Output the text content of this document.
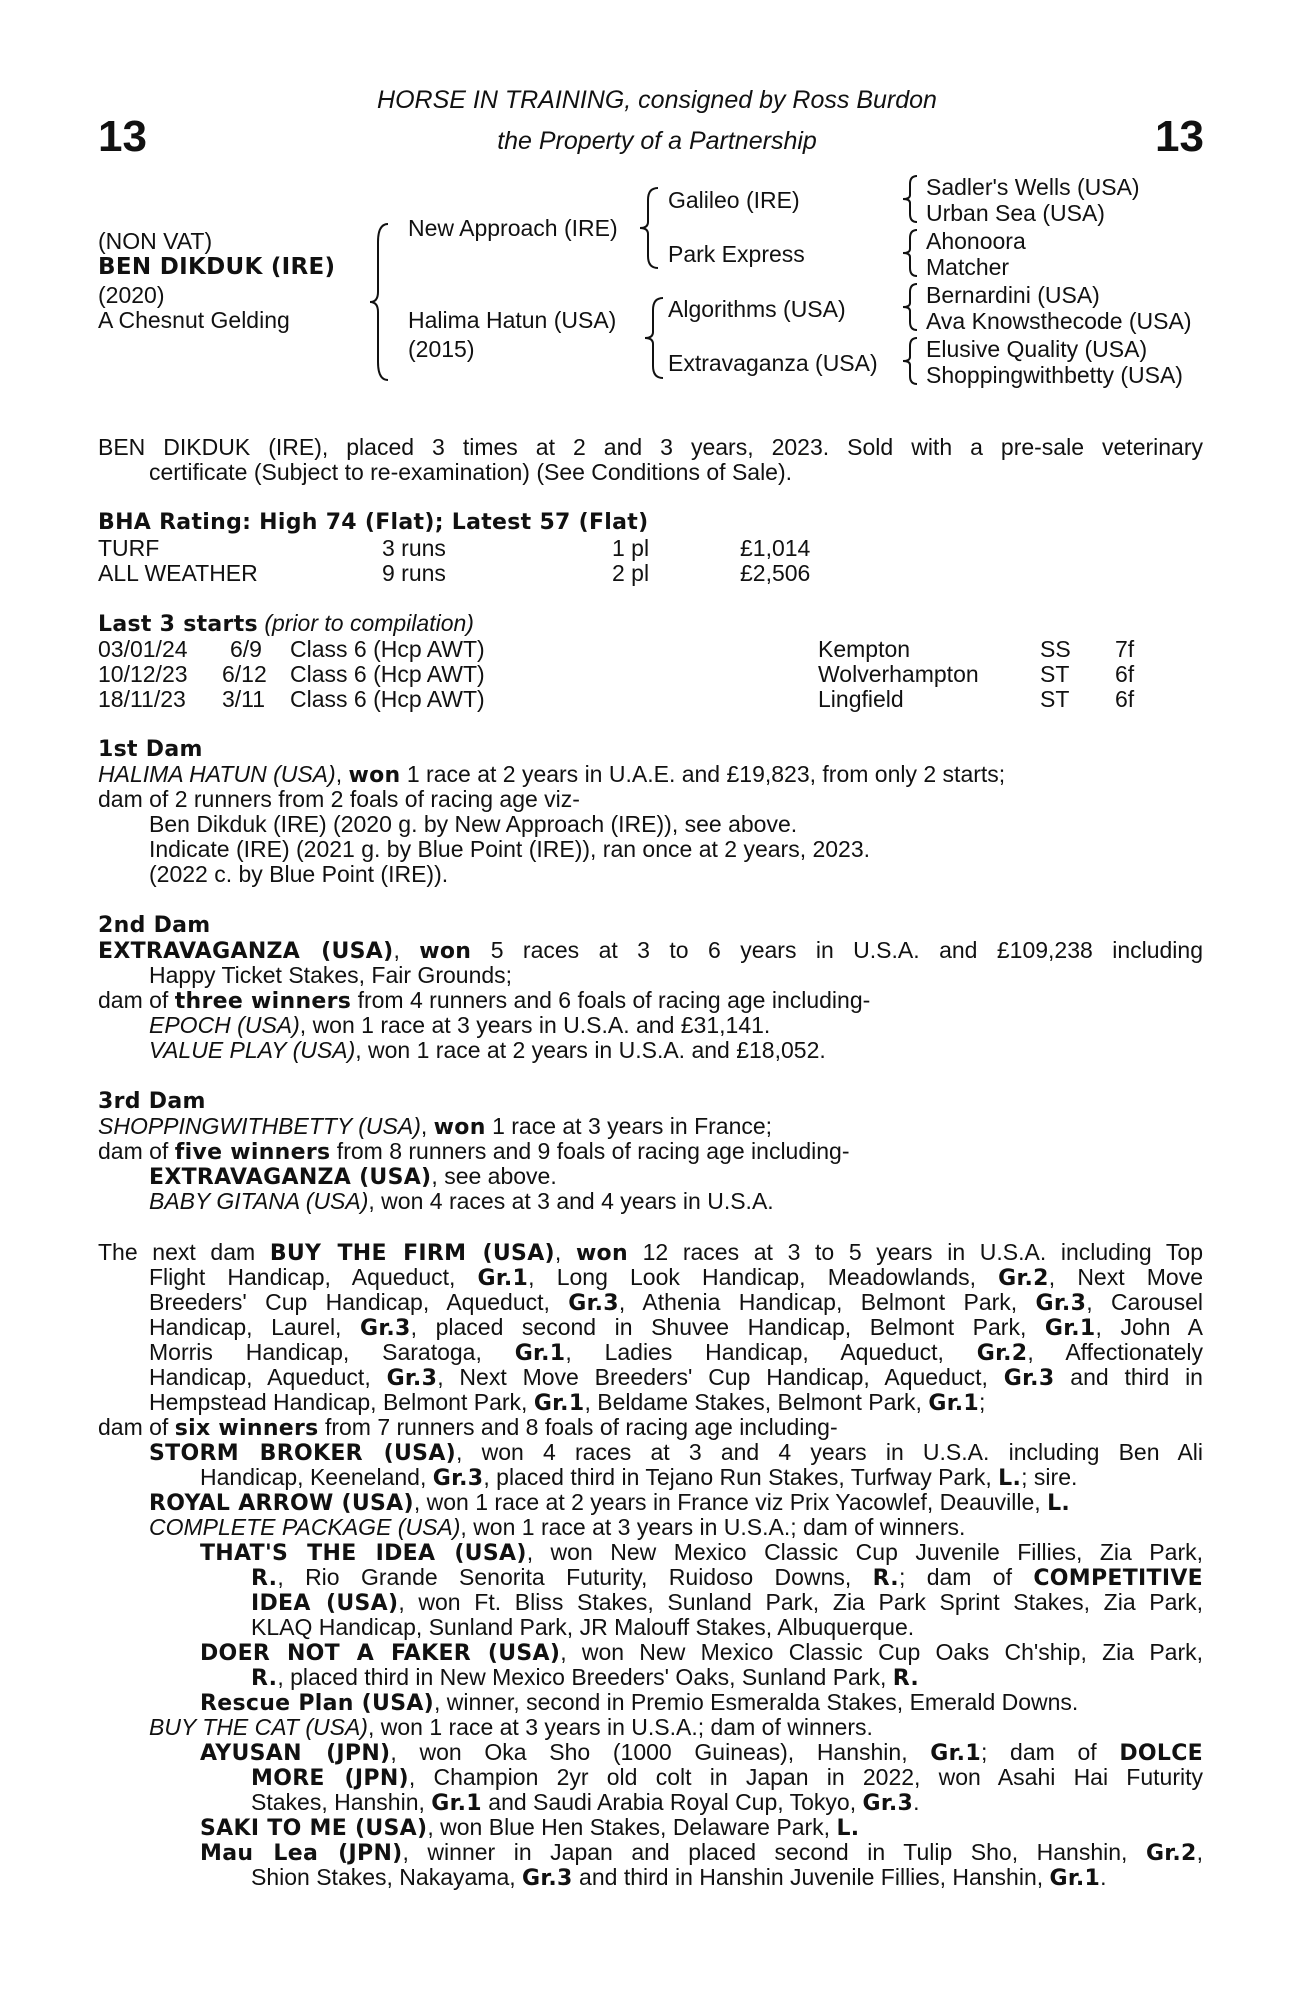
13	13
HORSE IN TRAINING, consigned by Ross Burdon
the Property of a Partnership
(NON VAT)
BEN DIKDUK (IRE)
(2020)
A Chesnut Gelding
New Approach (IRE)
Halima Hatun (USA)
(2015)
Galileo (IRE)
Park Express
Algorithms (USA)
Extravaganza (USA)
Sadler's Wells (USA)
Urban Sea (USA)
Ahonoora
Matcher
Bernardini (USA)
Ava Knowsthecode (USA)
Elusive Quality (USA)
Shoppingwithbetty (USA)
BEN DIKDUK (IRE), placed 3 times at 2 and 3 years, 2023. Sold with a pre-sale veterinary
certificate (Subject to re-examination) (See Conditions of Sale).
BHA Rating: High 74 (Flat); Latest 57 (Flat)
TURF	3 runs	1 pl	£1,014
ALL WEATHER	9 runs	2 pl	£2,506
Last 3 starts (prior to compilation)
03/01/24 6/9 Class 6 (Hcp AWT)	Kempton	SS 7f
10/12/23 6/12 Class 6 (Hcp AWT)	Wolverhampton	ST 6f
18/11/23 3/11 Class 6 (Hcp AWT)	Lingfield	ST 6f
1st Dam
HALIMA HATUN (USA), won 1 race at 2 years in U.A.E. and £19,823, from only 2 starts;
dam of 2 runners from 2 foals of racing age viz-
Ben Dikduk (IRE) (2020 g. by New Approach (IRE)), see above.
Indicate (IRE) (2021 g. by Blue Point (IRE)), ran once at 2 years, 2023.
(2022 c. by Blue Point (IRE)).
2nd Dam
EXTRAVAGANZA (USA), won 5 races at 3 to 6 years in U.S.A. and £109,238 including
Happy Ticket Stakes, Fair Grounds;
dam of three winners from 4 runners and 6 foals of racing age including-
EPOCH (USA), won 1 race at 3 years in U.S.A. and £31,141.
VALUE PLAY (USA), won 1 race at 2 years in U.S.A. and £18,052.
3rd Dam
SHOPPINGWITHBETTY (USA), won 1 race at 3 years in France;
dam of five winners from 8 runners and 9 foals of racing age including-
EXTRAVAGANZA (USA), see above.
BABY GITANA (USA), won 4 races at 3 and 4 years in U.S.A.
The next dam BUY THE FIRM (USA), won 12 races at 3 to 5 years in U.S.A. including Top
Flight Handicap, Aqueduct, Gr.1, Long Look Handicap, Meadowlands, Gr.2, Next Move
Breeders' Cup Handicap, Aqueduct, Gr.3, Athenia Handicap, Belmont Park, Gr.3, Carousel
Handicap, Laurel, Gr.3, placed second in Shuvee Handicap, Belmont Park, Gr.1, John A
Morris Handicap, Saratoga, Gr.1, Ladies Handicap, Aqueduct, Gr.2, Affectionately
Handicap, Aqueduct, Gr.3, Next Move Breeders' Cup Handicap, Aqueduct, Gr.3 and third in
Hempstead Handicap, Belmont Park, Gr.1, Beldame Stakes, Belmont Park, Gr.1;
dam of six winners from 7 runners and 8 foals of racing age including-
STORM BROKER (USA), won 4 races at 3 and 4 years in U.S.A. including Ben Ali
Handicap, Keeneland, Gr.3, placed third in Tejano Run Stakes, Turfway Park, L.; sire.
ROYAL ARROW (USA), won 1 race at 2 years in France viz Prix Yacowlef, Deauville, L.
COMPLETE PACKAGE (USA), won 1 race at 3 years in U.S.A.; dam of winners.
THAT'S THE IDEA (USA), won New Mexico Classic Cup Juvenile Fillies, Zia Park,
R., Rio Grande Senorita Futurity, Ruidoso Downs, R.; dam of COMPETITIVE
IDEA (USA), won Ft. Bliss Stakes, Sunland Park, Zia Park Sprint Stakes, Zia Park,
KLAQ Handicap, Sunland Park, JR Malouff Stakes, Albuquerque.
DOER NOT A FAKER (USA), won New Mexico Classic Cup Oaks Ch'ship, Zia Park,
R., placed third in New Mexico Breeders' Oaks, Sunland Park, R.
Rescue Plan (USA), winner, second in Premio Esmeralda Stakes, Emerald Downs.
BUY THE CAT (USA), won 1 race at 3 years in U.S.A.; dam of winners.
AYUSAN (JPN), won Oka Sho (1000 Guineas), Hanshin, Gr.1; dam of DOLCE
MORE (JPN), Champion 2yr old colt in Japan in 2022, won Asahi Hai Futurity
Stakes, Hanshin, Gr.1 and Saudi Arabia Royal Cup, Tokyo, Gr.3.
SAKI TO ME (USA), won Blue Hen Stakes, Delaware Park, L.
Mau Lea (JPN), winner in Japan and placed second in Tulip Sho, Hanshin, Gr.2,
Shion Stakes, Nakayama, Gr.3 and third in Hanshin Juvenile Fillies, Hanshin, Gr.1.
